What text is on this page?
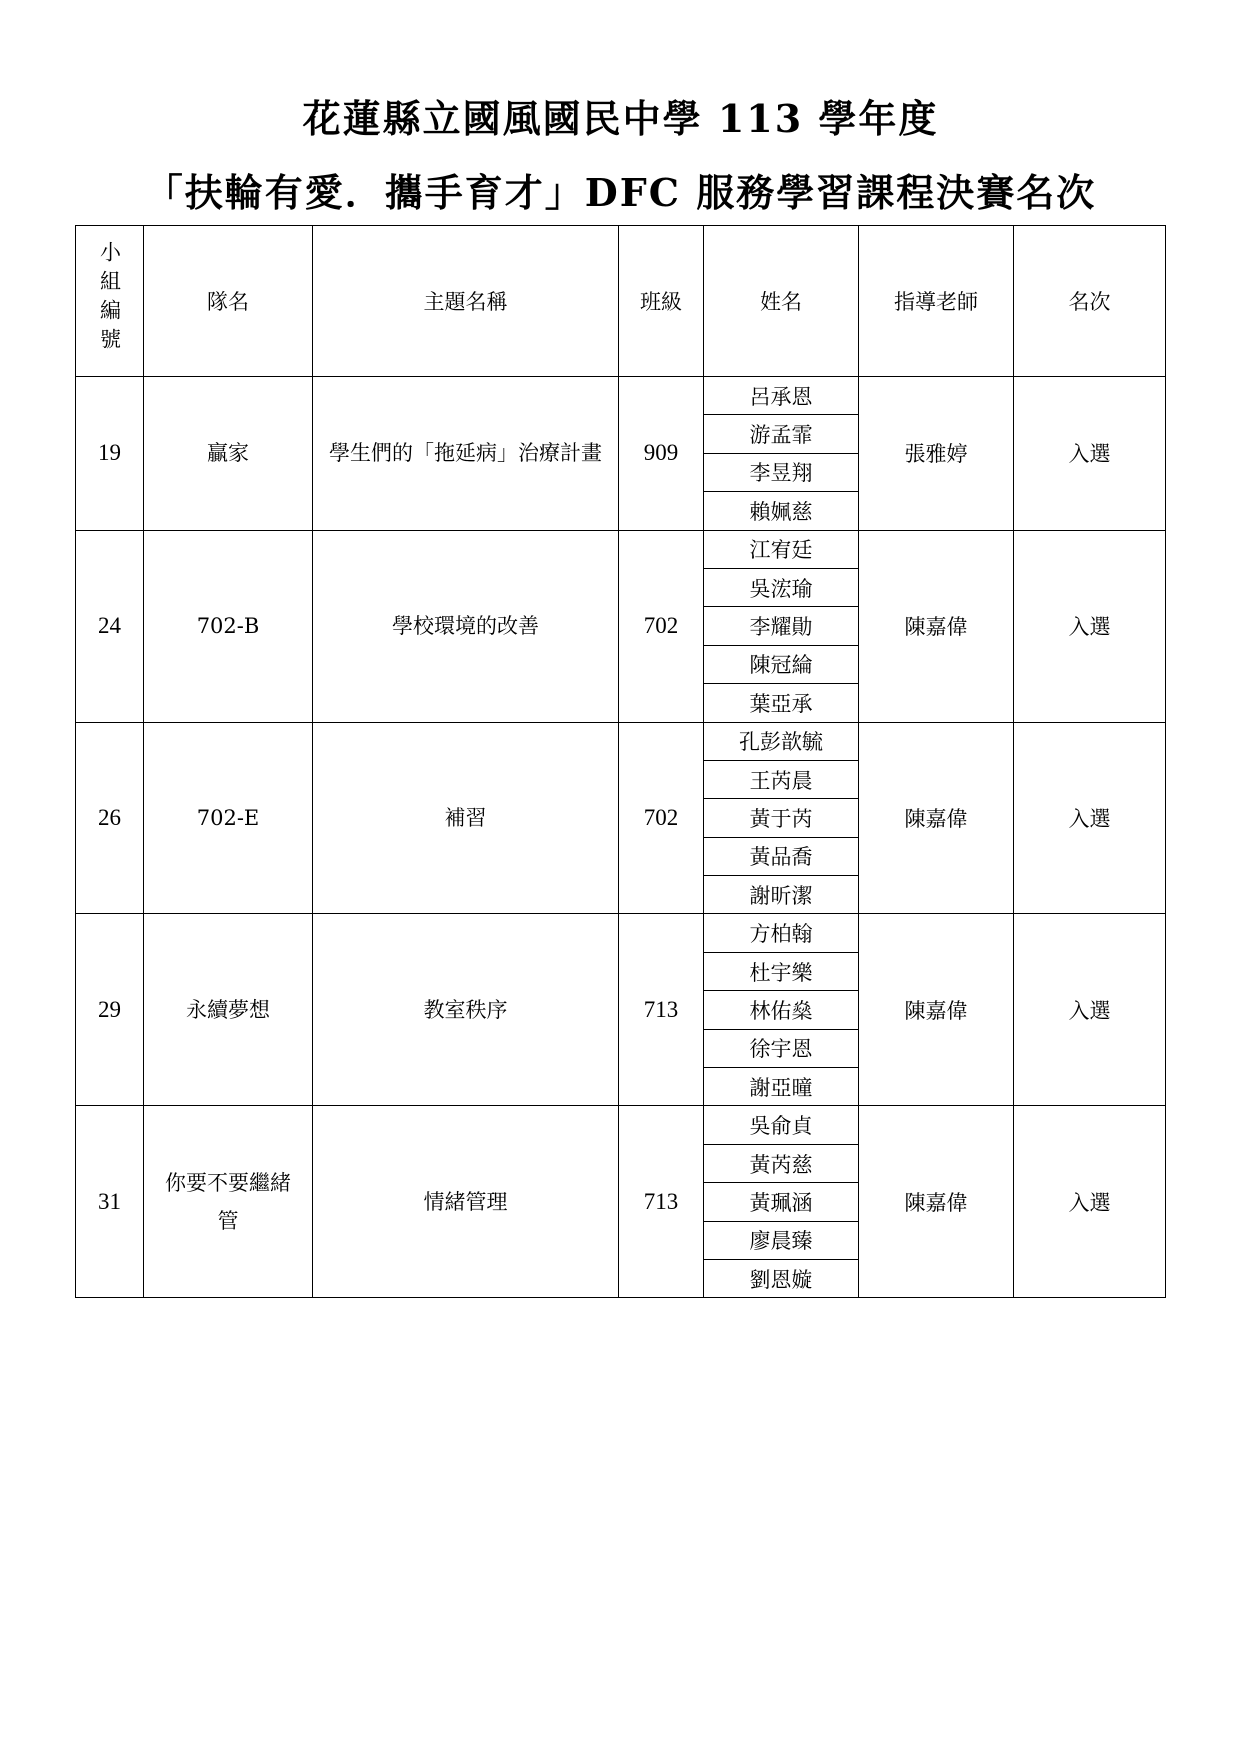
花蓮縣立國風國民中學 113 學年度
「扶輪有愛．攜手育才」DFC 服務學習課程決賽名次
小組編號	隊名	主題名稱	班級	姓名	指導老師	名次
19	贏家	學生們的「拖延病」治療計畫	909	呂承恩	張雅婷	入選
				游孟霏		
				李昱翔		
				賴姵慈		
24	702-B	學校環境的改善	702	江宥廷	陳嘉偉	入選
				吳浤瑜		
				李耀勛		
				陳冠綸		
				葉亞承		
26	702-E	補習	702	孔彭歆毓	陳嘉偉	入選
				王芮晨		
				黃于芮		
				黃品喬		
				謝昕潔		
29	永續夢想	教室秩序	713	方柏翰	陳嘉偉	入選
				杜宇樂		
				林佑燊		
				徐宇恩		
				謝亞曈		
31	你要不要繼緒管	情緒管理	713	吳俞貞	陳嘉偉	入選
				黃芮慈		
				黃珮涵		
				廖晨臻		
				劉恩嫙		
